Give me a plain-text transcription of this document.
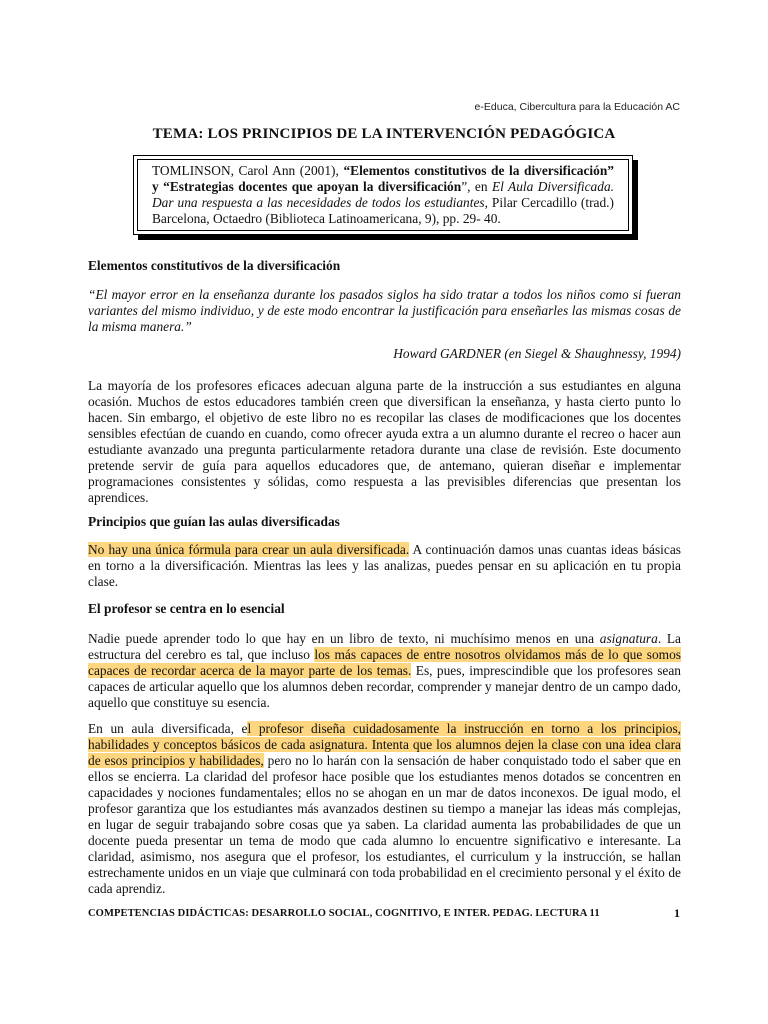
e-Educa, Cibercultura para la Educación AC
TEMA: LOS PRINCIPIOS DE LA INTERVENCIÓN PEDAGÓGICA
TOMLINSON, Carol Ann (2001), “Elementos constitutivos de la diversificación” y “Estrategias docentes que apoyan la diversificación”, en El Aula Diversificada. Dar una respuesta a las necesidades de todos los estudiantes, Pilar Cercadillo (trad.) Barcelona, Octaedro (Biblioteca Latinoamericana, 9), pp. 29- 40.

Elementos constitutivos de la diversificación

“El mayor error en la enseñanza durante los pasados siglos ha sido tratar a todos los niños como si fueran variantes del mismo individuo, y de este modo encontrar la justificación para enseñarles las mismas cosas de la misma manera.”

Howard GARDNER (en Siegel & Shaughnessy, 1994)

La mayoría de los profesores eficaces adecuan alguna parte de la instrucción a sus estudiantes en alguna ocasión. Muchos de estos educadores también creen que diversifican la enseñanza, y hasta cierto punto lo hacen. Sin embargo, el objetivo de este libro no es recopilar las clases de modificaciones que los docentes sensibles efectúan de cuando en cuando, como ofrecer ayuda extra a un alumno durante el recreo o hacer aun estudiante avanzado una pregunta particularmente retadora durante una clase de revisión. Este documento pretende servir de guía para aquellos educadores que, de antemano, quieran diseñar e implementar programaciones consistentes y sólidas, como respuesta a las previsibles diferencias que presentan los aprendices.

Principios que guían las aulas diversificadas

No hay una única fórmula para crear un aula diversificada. A continuación damos unas cuantas ideas básicas en torno a la diversificación. Mientras las lees y las analizas, puedes pensar en su aplicación en tu propia clase.

El profesor se centra en lo esencial

Nadie puede aprender todo lo que hay en un libro de texto, ni muchísimo menos en una asignatura. La estructura del cerebro es tal, que incluso los más capaces de entre nosotros olvidamos más de lo que somos capaces de recordar acerca de la mayor parte de los temas. Es, pues, imprescindible que los profesores sean capaces de articular aquello que los alumnos deben recordar, comprender y manejar dentro de un campo dado, aquello que constituye su esencia.

En un aula diversificada, el profesor diseña cuidadosamente la instrucción en torno a los principios, habilidades y conceptos básicos de cada asignatura. Intenta que los alumnos dejen la clase con una idea clara de esos principios y habilidades, pero no lo harán con la sensación de haber conquistado todo el saber que en ellos se encierra. La claridad del profesor hace posible que los estudiantes menos dotados se concentren en capacidades y nociones fundamentales; ellos no se ahogan en un mar de datos inconexos. De igual modo, el profesor garantiza que los estudiantes más avanzados destinen su tiempo a manejar las ideas más complejas, en lugar de seguir trabajando sobre cosas que ya saben. La claridad aumenta las probabilidades de que un docente pueda presentar un tema de modo que cada alumno lo encuentre significativo e interesante. La claridad, asimismo, nos asegura que el profesor, los estudiantes, el curriculum y la instrucción, se hallan estrechamente unidos en un viaje que culminará con toda probabilidad en el crecimiento personal y el éxito de cada aprendiz.

COMPETENCIAS DIDÁCTICAS: DESARROLLO SOCIAL, COGNITIVO, E INTER. PEDAG. LECTURA 11	1
